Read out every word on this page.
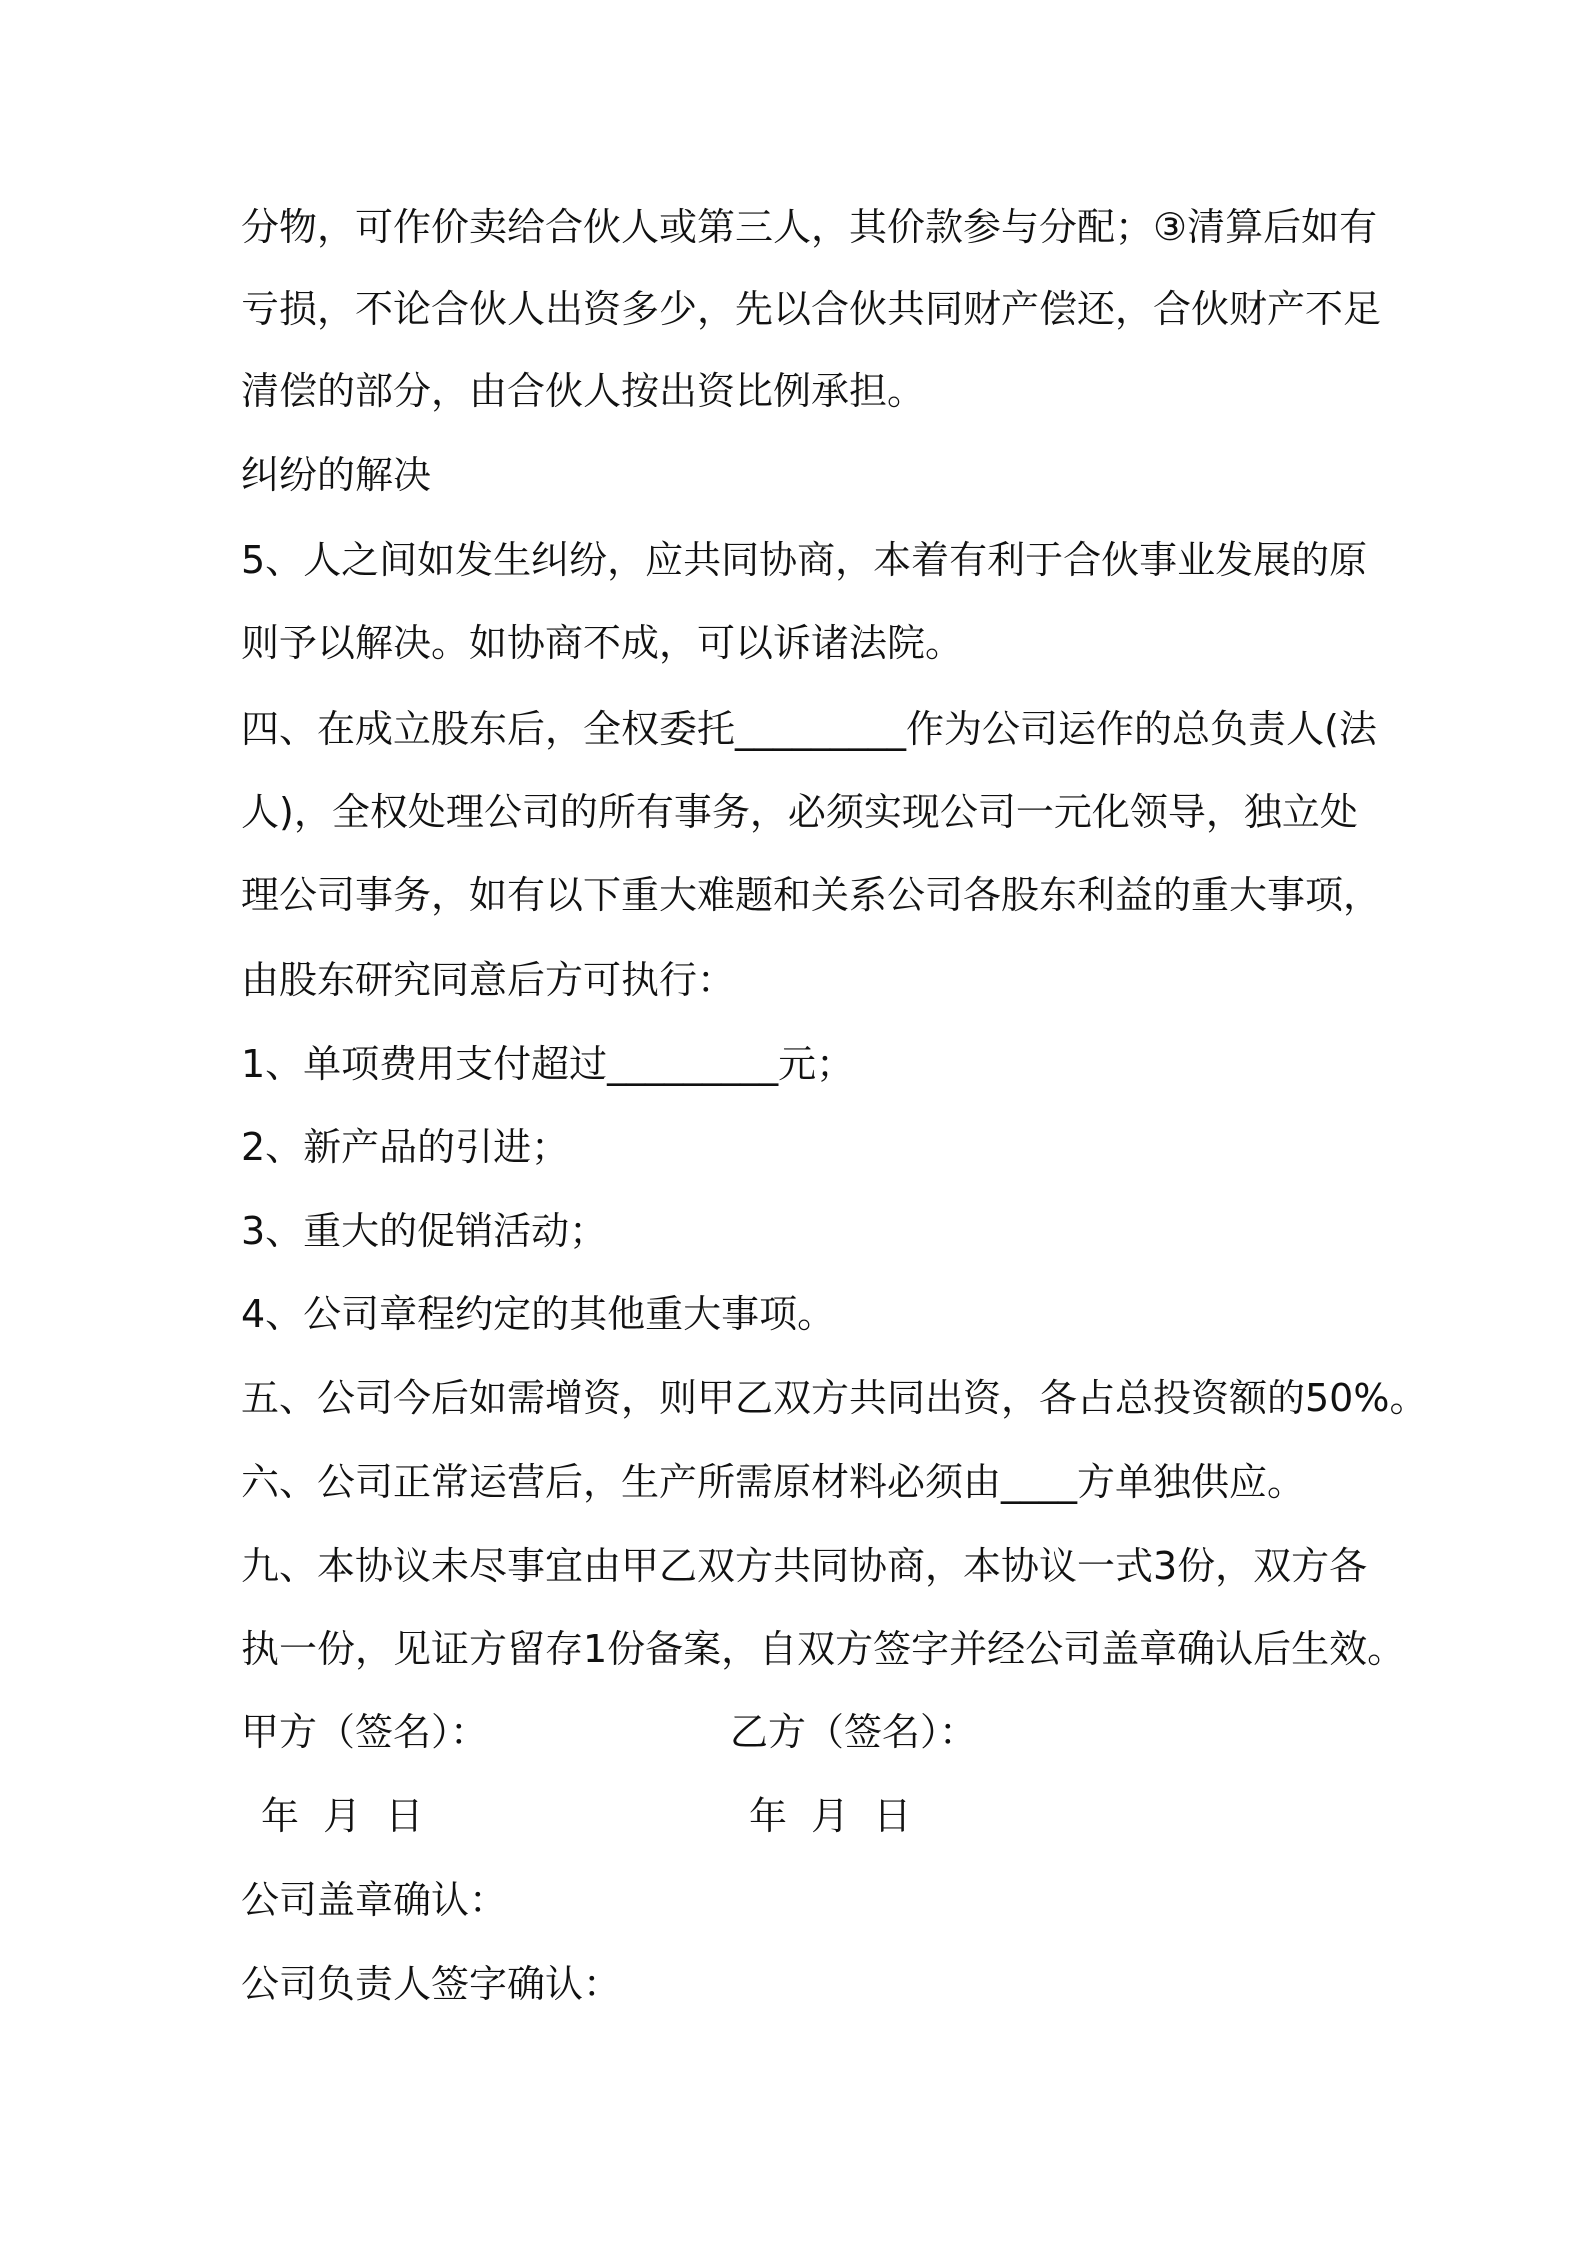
分物，可作价卖给合伙人或第三人，其价款参与分配；③清算后如有

亏损，不论合伙人出资多少，先以合伙共同财产偿还，合伙财产不足

清偿的部分，由合伙人按出资比例承担。

纠纷的解决

5、人之间如发生纠纷，应共同协商，本着有利于合伙事业发展的原

则予以解决。如协商不成，可以诉诸法院。

四、在成立股东后，全权委托_________作为公司运作的总负责人(法

人)，全权处理公司的所有事务，必须实现公司一元化领导，独立处

理公司事务，如有以下重大难题和关系公司各股东利益的重大事项，

由股东研究同意后方可执行：

1、单项费用支付超过_________元；

2、新产品的引进；

3、重大的促销活动；

4、公司章程约定的其他重大事项。

五、公司今后如需增资，则甲乙双方共同出资，各占总投资额的50%。

六、公司正常运营后，生产所需原材料必须由____方单独供应。

九、本协议未尽事宜由甲乙双方共同协商，本协议一式3份，双方各

执一份，见证方留存1份备案，自双方签字并经公司盖章确认后生效。

甲方（签名）：	乙方（签名）：

年  月  日	年  月  日

公司盖章确认：

公司负责人签字确认：
